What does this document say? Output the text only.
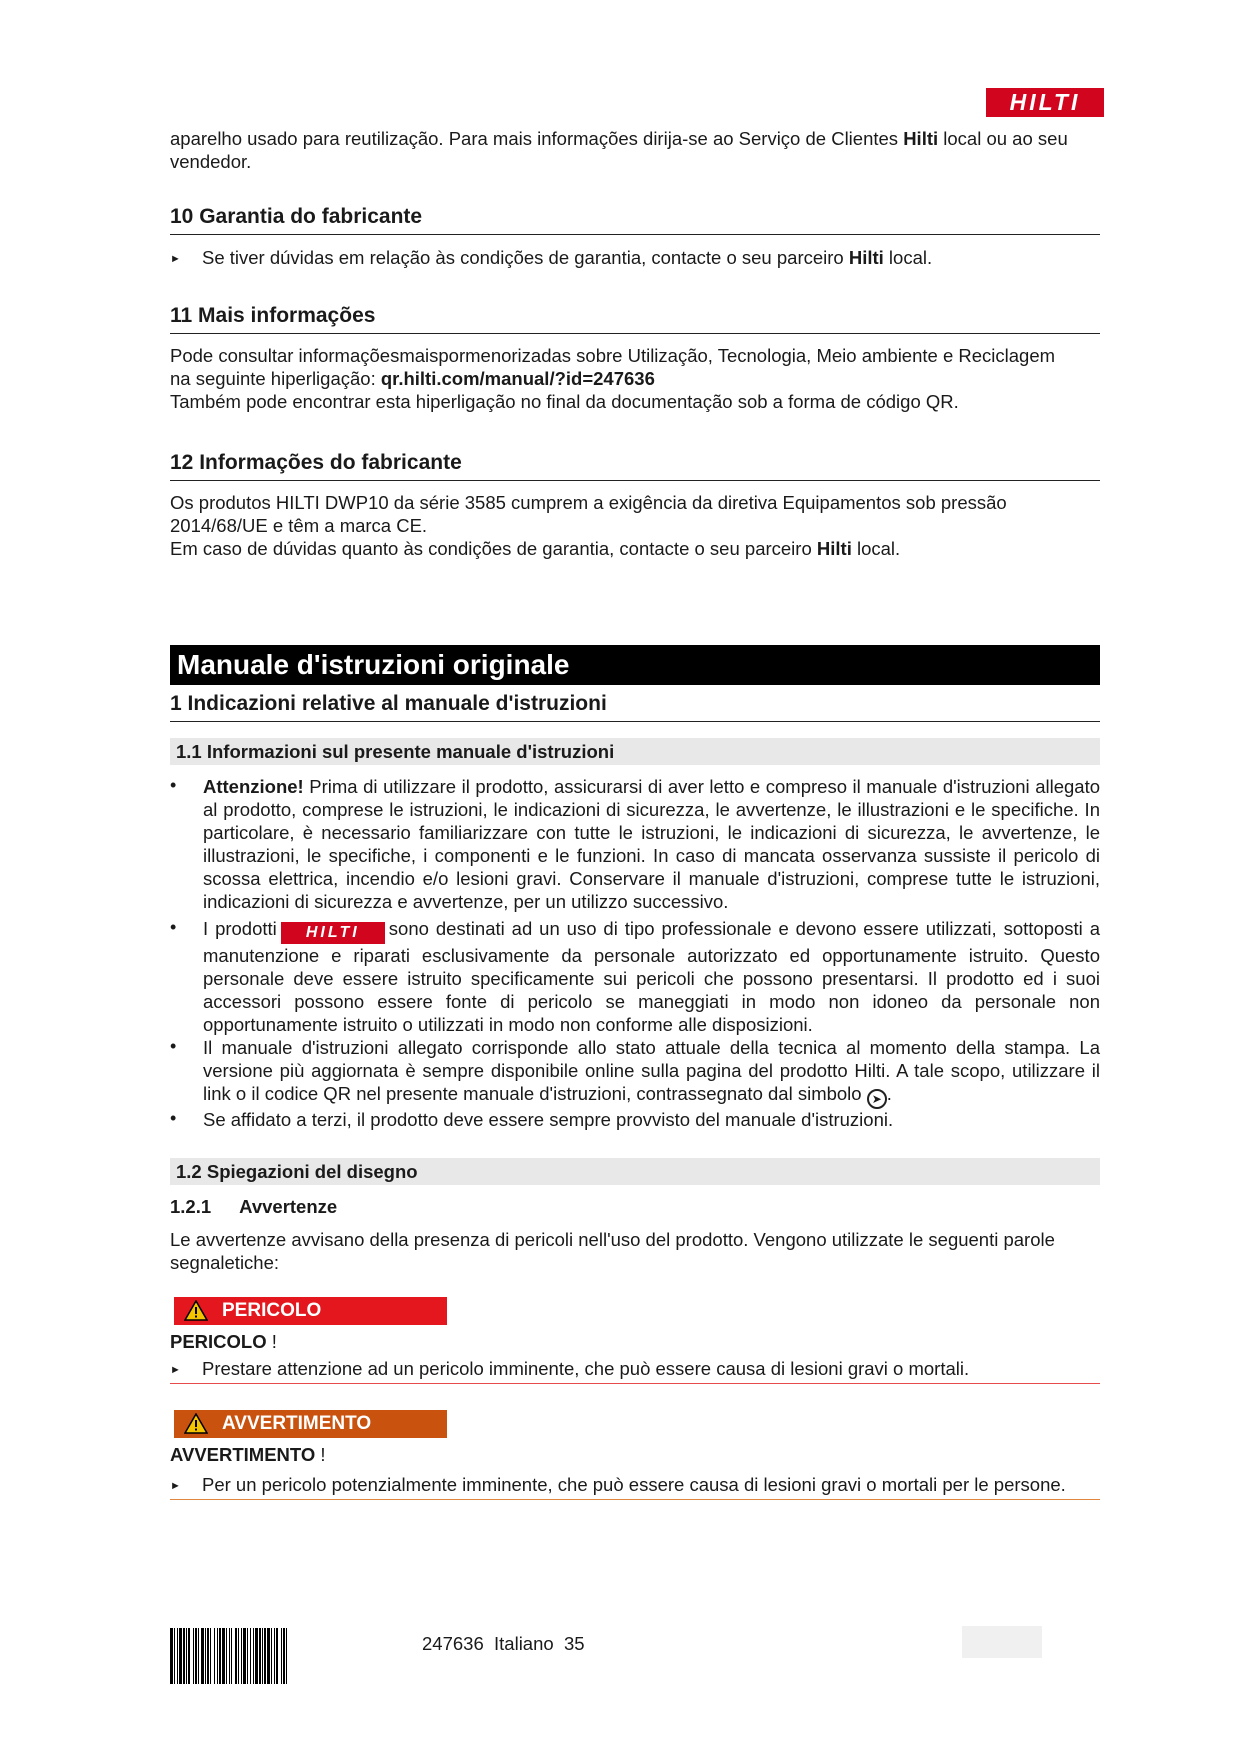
HILTI

aparelho usado para reutilização. Para mais informações dirija-se ao Serviço de Clientes Hilti local ou ao seu vendedor.

10 Garantia do fabricante

► Se tiver dúvidas em relação às condições de garantia, contacte o seu parceiro Hilti local.

11 Mais informações

Pode consultar informaçõesmaispormenorizadas sobre Utilização, Tecnologia, Meio ambiente e Reciclagem

na seguinte hiperligação: qr.hilti.com/manual/?id=247636

Também pode encontrar esta hiperligação no final da documentação sob a forma de código QR.

12 Informações do fabricante

Os produtos HILTI DWP10 da série 3585 cumprem a exigência da diretiva Equipamentos sob pressão

2014/68/UE e têm a marca CE.

Em caso de dúvidas quanto às condições de garantia, contacte o seu parceiro Hilti local.

Manuale d'istruzioni originale
1 Indicazioni relative al manuale d'istruzioni
1.1 Informazioni sul presente manuale d'istruzioni
• Attenzione! Prima di utilizzare il prodotto, assicurarsi di aver letto e compreso il manuale d'istruzioni allegato al prodotto, comprese le istruzioni, le indicazioni di sicurezza, le avvertenze, le illustrazioni e le specifiche. In particolare, è necessario familiarizzare con tutte le istruzioni, le indicazioni di sicurezza, le avvertenze, le illustrazioni, le specifiche, i componenti e le funzioni. In caso di mancata osservanza sussiste il pericolo di scossa elettrica, incendio e/o lesioni gravi. Conservare il manuale d'istruzioni, comprese tutte le istruzioni, indicazioni di sicurezza e avvertenze, per un utilizzo successivo.
• I prodotti HILTI sono destinati ad un uso di tipo professionale e devono essere utilizzati, sottoposti a manutenzione e riparati esclusivamente da personale autorizzato ed opportunamente istruito. Questo personale deve essere istruito specificamente sui pericoli che possono presentarsi. Il prodotto ed i suoi accessori possono essere fonte di pericolo se maneggiati in modo non idoneo da personale non opportunamente istruito o utilizzati in modo non conforme alle disposizioni.
• Il manuale d'istruzioni allegato corrisponde allo stato attuale della tecnica al momento della stampa. La versione più aggiornata è sempre disponibile online sulla pagina del prodotto Hilti. A tale scopo, utilizzare il link o il codice QR nel presente manuale d'istruzioni, contrassegnato dal simbolo ➤ .
• Se affidato a terzi, il prodotto deve essere sempre provvisto del manuale d'istruzioni.
1.2 Spiegazioni del disegno
1.2.1 Avvertenze

Le avvertenze avvisano della presenza di pericoli nell'uso del prodotto. Vengono utilizzate le seguenti parole segnaletiche:

PERICOLO

PERICOLO !

► Prestare attenzione ad un pericolo imminente, che può essere causa di lesioni gravi o mortali.

AVVERTIMENTO

AVVERTIMENTO !

► Per un pericolo potenzialmente imminente, che può essere causa di lesioni gravi o mortali per le persone.

247636 Italiano 35
